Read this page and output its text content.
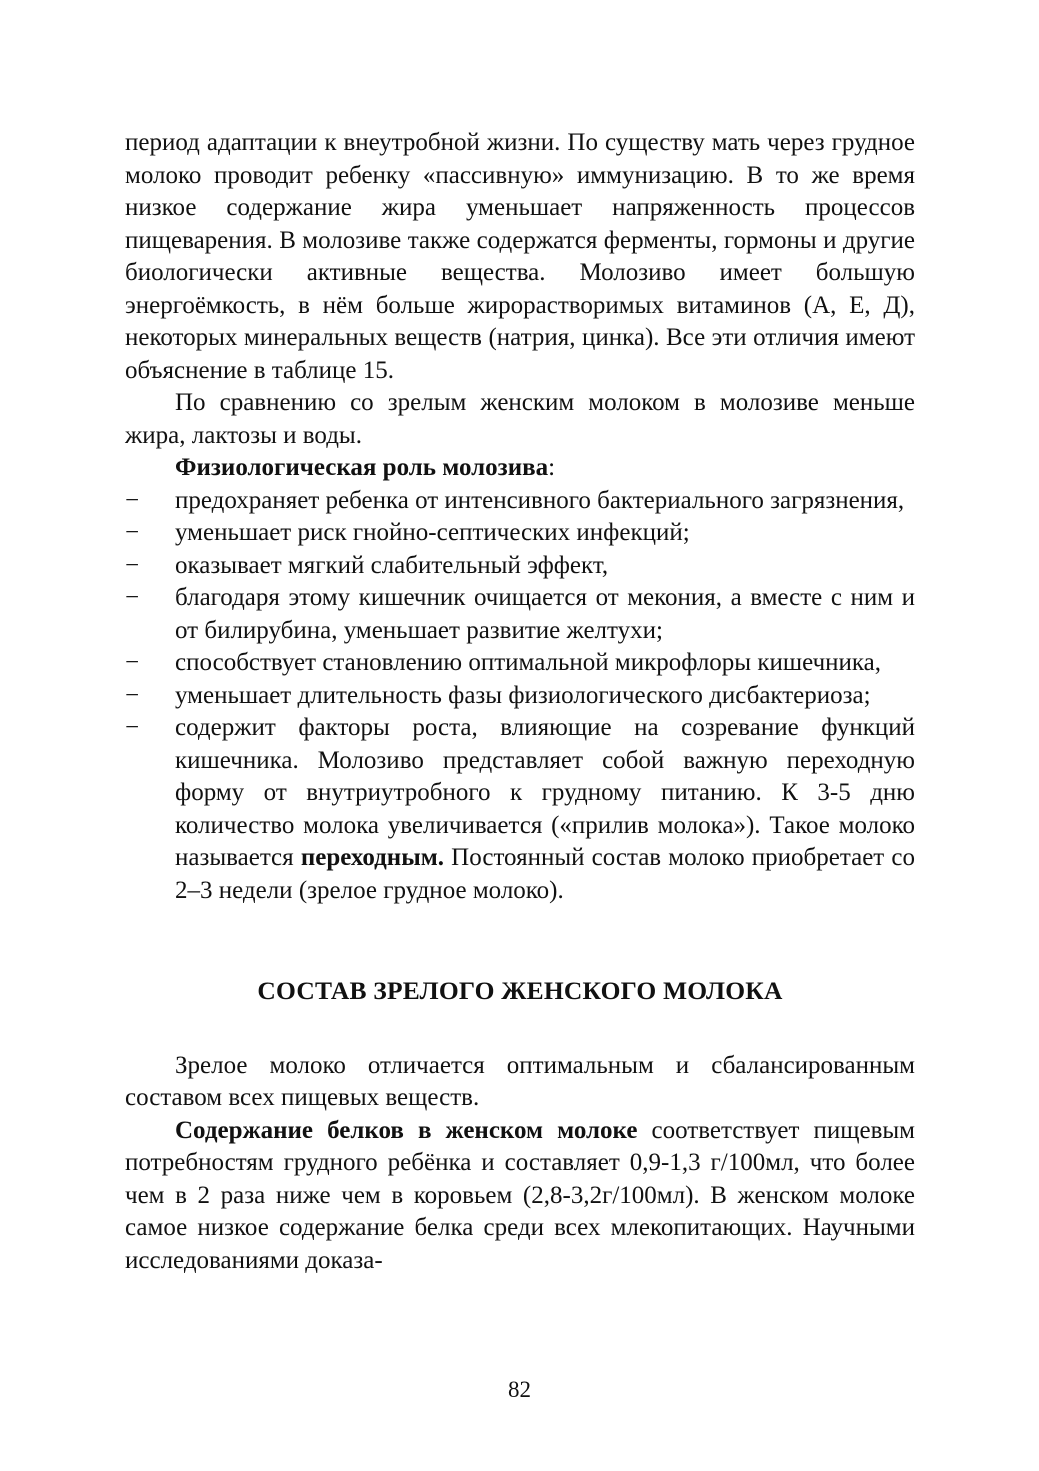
период адаптации к внеутробной жизни. По существу мать через грудное молоко проводит ребенку «пассивную» иммунизацию. В то же время низкое содержание жира уменьшает напряженность процессов пищеварения. В молозиве также содержатся ферменты, гормоны и другие биологически активные вещества. Молозиво имеет большую энергоёмкость, в нём больше жирорастворимых витаминов (А, Е, Д), некоторых минеральных веществ (натрия, цинка). Все эти отличия имеют объяснение в таблице 15.

По сравнению со зрелым женским молоком в молозиве меньше жира, лактозы и воды.

Физиологическая роль молозива:

− предохраняет ребенка от интенсивного бактериального загрязнения,
− уменьшает риск гнойно-септических инфекций;
− оказывает мягкий слабительный эффект,
− благодаря этому кишечник очищается от мекония, а вместе с ним и от билирубина, уменьшает развитие желтухи;
− способствует становлению оптимальной микрофлоры кишечника,
− уменьшает длительность фазы физиологического дисбактериоза;
− содержит факторы роста, влияющие на созревание функций кишечника. Молозиво представляет собой важную переходную форму от внутриутробного к грудному питанию. К 3-5 дню количество молока увеличивается («прилив молока»). Такое молоко называется переходным. Постоянный состав молоко приобретает со 2–3 недели (зрелое грудное молоко).
СОСТАВ ЗРЕЛОГО ЖЕНСКОГО МОЛОКА

Зрелое молоко отличается оптимальным и сбалансированным составом всех пищевых веществ.

Содержание белков в женском молоке соответствует пищевым потребностям грудного ребёнка и составляет 0,9-1,3 г/100мл, что более чем в 2 раза ниже чем в коровьем (2,8-3,2г/100мл). В женском молоке самое низкое содержание белка среди всех млекопитающих. Научными исследованиями доказа-

82
